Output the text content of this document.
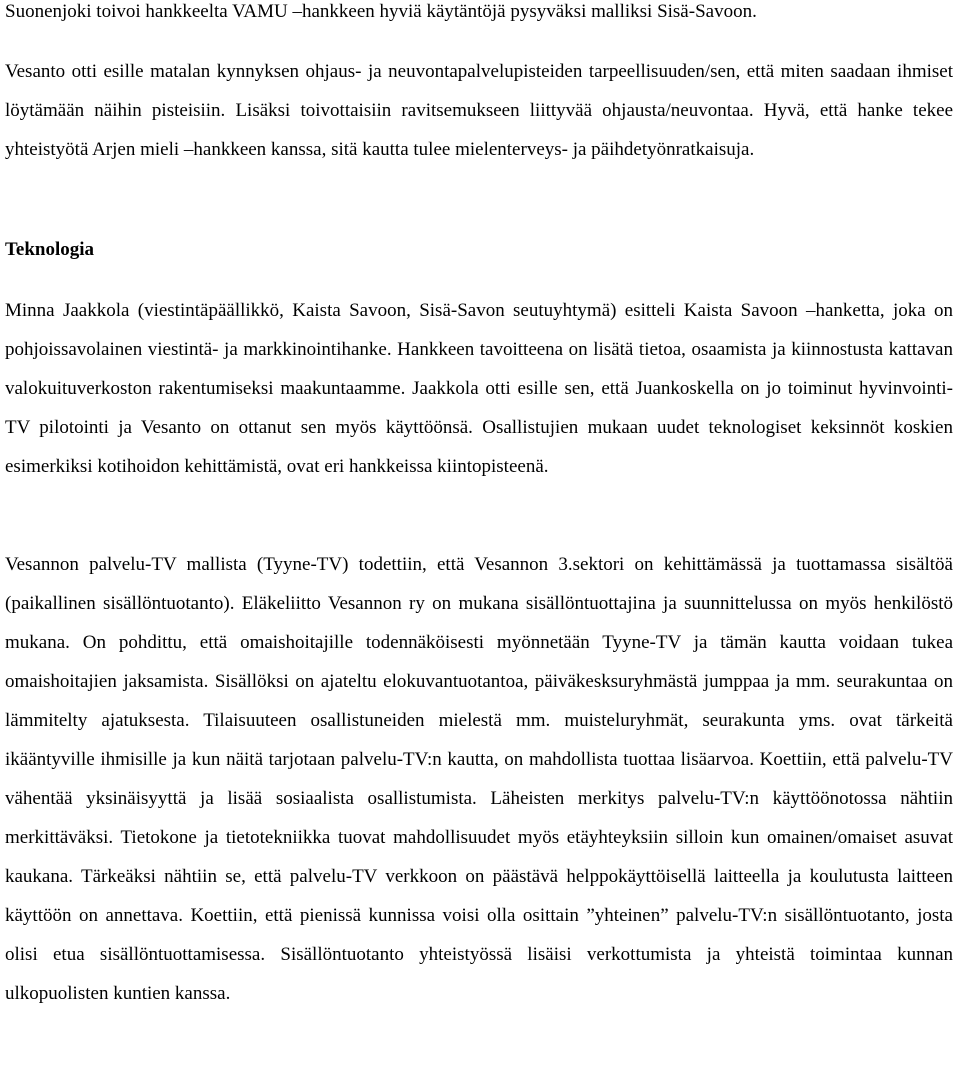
Suonenjoki toivoi hankkeelta VAMU –hankkeen hyviä käytäntöjä pysyväksi malliksi Sisä-Savoon.

Vesanto otti esille matalan kynnyksen ohjaus- ja neuvontapalvelupisteiden tarpeellisuuden/sen, että miten saadaan ihmiset löytämään näihin pisteisiin. Lisäksi toivottaisiin ravitsemukseen liittyvää ohjausta/neuvontaa. Hyvä, että hanke tekee yhteistyötä Arjen mieli –hankkeen kanssa, sitä kautta tulee mielenterveys- ja päihdetyönratkaisuja.

Teknologia

Minna Jaakkola (viestintäpäällikkö, Kaista Savoon, Sisä-Savon seutuyhtymä) esitteli Kaista Savoon –hanketta, joka on pohjoissavolainen viestintä- ja markkinointihanke. Hankkeen tavoitteena on lisätä tietoa, osaamista ja kiinnostusta kattavan valokuituverkoston rakentumiseksi maakuntaamme. Jaakkola otti esille sen, että Juankoskella on jo toiminut hyvinvointi-TV pilotointi ja Vesanto on ottanut sen myös käyttöönsä. Osallistujien mukaan uudet teknologiset keksinnöt koskien esimerkiksi kotihoidon kehittämistä, ovat eri hankkeissa kiintopisteenä.

Vesannon palvelu-TV mallista (Tyyne-TV) todettiin, että Vesannon 3.sektori on kehittämässä ja tuottamassa sisältöä (paikallinen sisällöntuotanto). Eläkeliitto Vesannon ry on mukana sisällöntuottajina ja suunnittelussa on myös henkilöstö mukana. On pohdittu, että omaishoitajille todennäköisesti myönnetään Tyyne-TV ja tämän kautta voidaan tukea omaishoitajien jaksamista. Sisällöksi on ajateltu elokuvantuotantoa, päiväkesksuryhmästä jumppaa ja mm. seurakuntaa on lämmitelty ajatuksesta. Tilaisuuteen osallistuneiden mielestä mm. muisteluryhmät, seurakunta yms. ovat tärkeitä ikääntyville ihmisille ja kun näitä tarjotaan palvelu-TV:n kautta, on mahdollista tuottaa lisäarvoa. Koettiin, että palvelu-TV vähentää yksinäisyyttä ja lisää sosiaalista osallistumista. Läheisten merkitys palvelu-TV:n käyttöönotossa nähtiin merkittäväksi. Tietokone ja tietotekniikka tuovat mahdollisuudet myös etäyhteyksiin silloin kun omainen/omaiset asuvat kaukana. Tärkeäksi nähtiin se, että palvelu-TV verkkoon on päästävä helppokäyttöisellä laitteella ja koulutusta laitteen käyttöön on annettava. Koettiin, että pienissä kunnissa voisi olla osittain ”yhteinen” palvelu-TV:n sisällöntuotanto, josta olisi etua sisällöntuottamisessa. Sisällöntuotanto yhteistyössä lisäisi verkottumista ja yhteistä toimintaa kunnan ulkopuolisten kuntien kanssa.
